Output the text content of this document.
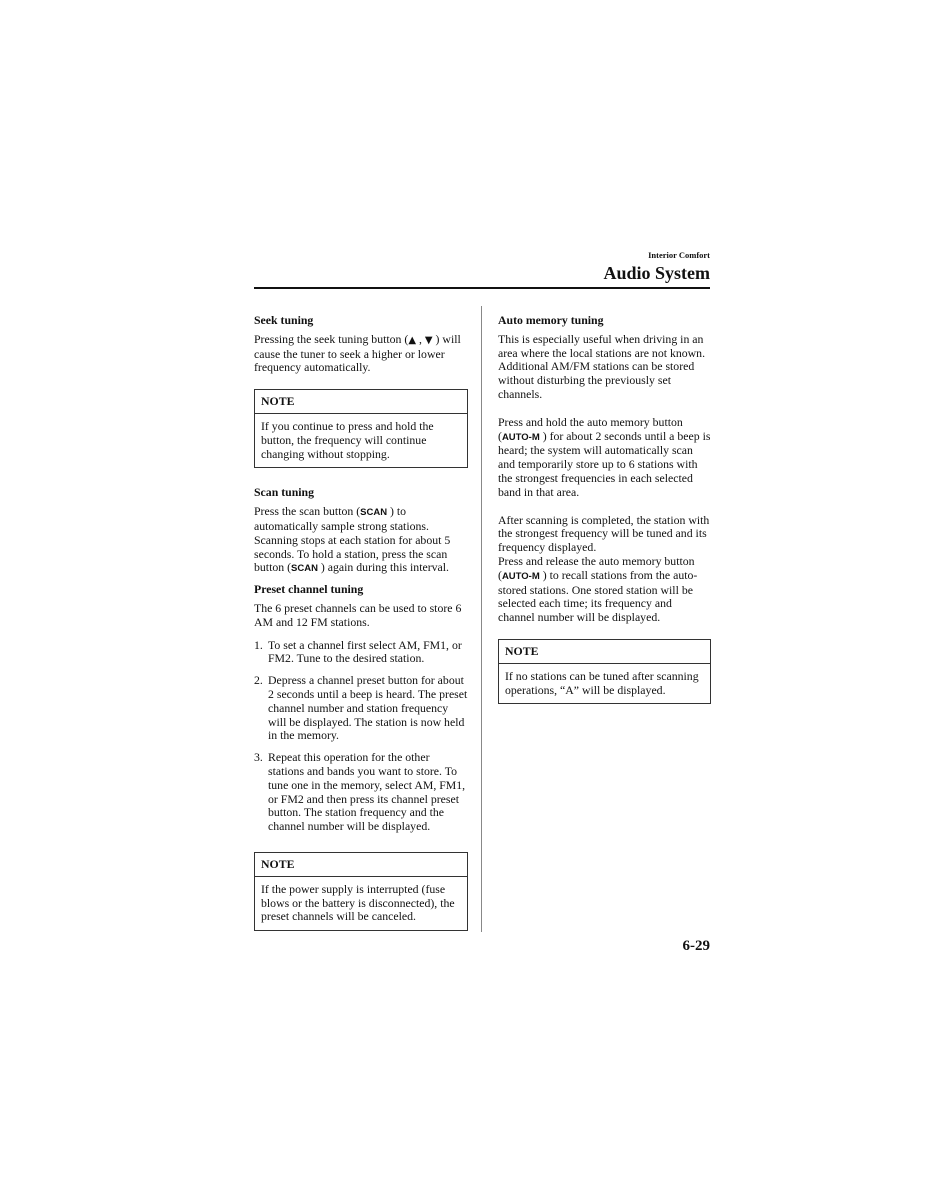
Interior Comfort
Audio System
Seek tuning

Pressing the seek tuning button (▲ , ▼ ) will cause the tuner to seek a higher or lower frequency automatically.

NOTE
If you continue to press and hold the button, the frequency will continue changing without stopping.
Scan tuning

Press the scan button (SCAN ) to automatically sample strong stations. Scanning stops at each station for about 5 seconds. To hold a station, press the scan button (SCAN ) again during this interval.

Preset channel tuning

The 6 preset channels can be used to store 6 AM and 12 FM stations.

1. To set a channel first select AM, FM1, or FM2. Tune to the desired station.
2. Depress a channel preset button for about 2 seconds until a beep is heard. The preset channel number and station frequency will be displayed. The station is now held in the memory.
3. Repeat this operation for the other stations and bands you want to store. To tune one in the memory, select AM, FM1, or FM2 and then press its channel preset button. The station frequency and the channel number will be displayed.
NOTE
If the power supply is interrupted (fuse blows or the battery is disconnected), the preset channels will be canceled.
Auto memory tuning

This is especially useful when driving in an area where the local stations are not known. Additional AM/FM stations can be stored without disturbing the previously set channels.

Press and hold the auto memory button (AUTO-M ) for about 2 seconds until a beep is heard; the system will automatically scan and temporarily store up to 6 stations with the strongest frequencies in each selected band in that area.

After scanning is completed, the station with the strongest frequency will be tuned and its frequency displayed.

Press and release the auto memory button (AUTO-M ) to recall stations from the auto-stored stations. One stored station will be selected each time; its frequency and channel number will be displayed.

NOTE
If no stations can be tuned after scanning operations, “A” will be displayed.
6-29
